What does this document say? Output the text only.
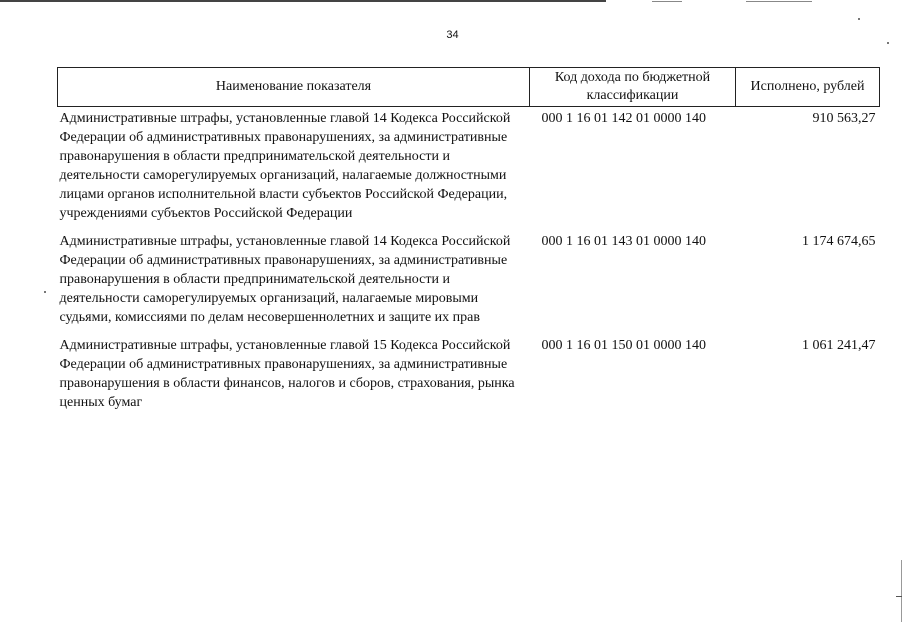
34
Наименование показателя	Код дохода по бюджетной классификации	Исполнено, рублей
Административные штрафы, установленные главой 14 Кодекса Российской Федерации об административных правонарушениях, за административные правонарушения в области предпринимательской деятельности и деятельности саморегулируемых организаций, налагаемые должностными лицами органов исполнительной власти субъектов Российской Федерации, учреждениями субъектов Российской Федерации	000 1 16 01 142 01 0000 140	910 563,27
Административные штрафы, установленные главой 14 Кодекса Российской Федерации об административных правонарушениях, за административные правонарушения в области предпринимательской деятельности и деятельности саморегулируемых организаций, налагаемые мировыми судьями, комиссиями по делам несовершеннолетних и защите их прав	000 1 16 01 143 01 0000 140	1 174 674,65
Административные штрафы, установленные главой 15 Кодекса Российской Федерации об административных правонарушениях, за административные правонарушения в области финансов, налогов и сборов, страхования, рынка ценных бумаг	000 1 16 01 150 01 0000 140	1 061 241,47
